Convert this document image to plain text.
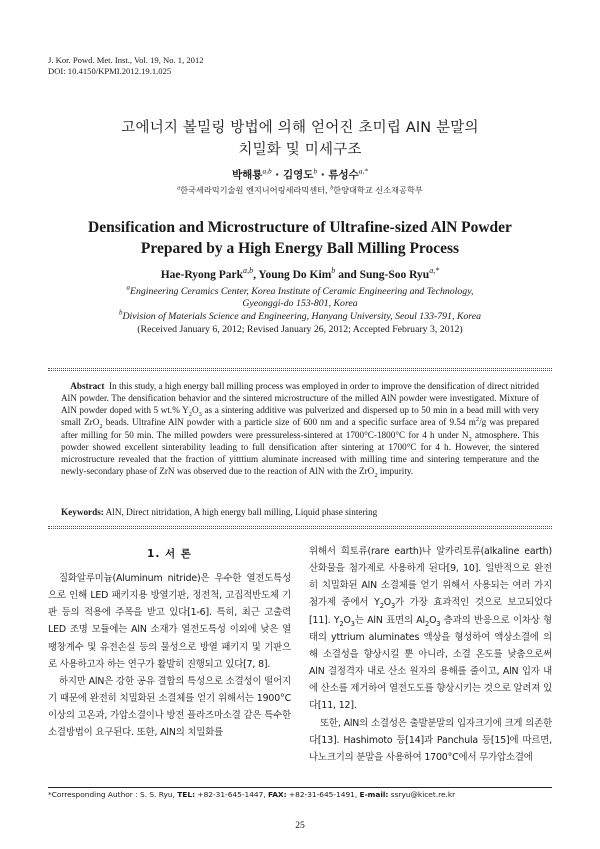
J. Kor. Powd. Met. Inst., Vol. 19, No. 1, 2012
DOI: 10.4150/KPMI.2012.19.1.025
고에너지 볼밀링 방법에 의해 얻어진 초미립 AlN 분말의
치밀화 및 미세구조
박해룡$^{a,b}$ · 김영도$^b$ · 류성수$^{a,*}$
$^a$한국세라믹기술원 엔지니어링세라믹센터, $^b$한양대학교 신소재공학부
Densification and Microstructure of Ultrafine-sized AlN Powder
Prepared by a High Energy Ball Milling Process
Hae-Ryong Park$^{a,b}$, Young Do Kim$^b$ and Sung-Soo Ryu$^{a,*}$
$^a$Engineering Ceramics Center, Korea Institute of Ceramic Engineering and Technology,
Gyeonggi-do 153-801, Korea
$^b$Division of Materials Science and Engineering, Hanyang University, Seoul 133-791, Korea
(Received January 6, 2012; Revised January 26, 2012; Accepted February 3, 2012)
Abstract In this study, a high energy ball milling process was employed in order to improve the densification of direct nitrided AlN powder. The densification behavior and the sintered microstructure of the milled AlN powder were investigated. Mixture of AlN powder doped with 5 wt.% $Y_2O_3$ as a sintering additive was pulverized and dispersed up to 50 min in a bead mill with very small ZrO$_2$ beads. Ultrafine AlN powder with a particle size of 600 nm and a specific surface area of 9.54 $m^2/g$ was prepared after milling for 50 min. The milled powders were pressureless-sintered at 1700°C-1800°C for 4 h under $N_2$ atmosphere. This powder showed excellent sinterability leading to full densification after sintering at 1700°C for 4 h. However, the sintered microstructure revealed that the fraction of yitttium aluminate increased with milling time and sintering temperature and the newly-secondary phase of ZrN was observed due to the reaction of AlN with the ZrO$_2$ impurity.
Keywords: AlN, Direct nitridation, A high energy ball milling, Liquid phase sintering
1. 서 론

질화알루미늄(Aluminum nitride)은 우수한 열전도특성으로 인해 LED 패키지용 방열기판, 정전척, 고집적반도체 기판 등의 적용에 주목을 받고 있다[1-6]. 특히, 최근 고출력 LED 조명 모듈에는 AlN 소재가 열전도특성 이외에 낮은 열팽창계수 및 유전손실 등의 물성으로 방열 패키지 및 기판으로 사용하고자 하는 연구가 활발히 진행되고 있다[7, 8].

하지만 AlN은 강한 공유 결합의 특성으로 소결성이 떨어지기 때문에 완전히 치밀화된 소결체를 얻기 위해서는 1900°C 이상의 고온과, 가압소결이나 방전 플라즈마소결 같은 특수한 소결방법이 요구된다. 또한, AlN의 치밀화를

위해서 희토류(rare earth)나 알카리토류(alkaline earth) 산화물을 첨가제로 사용하게 된다[9, 10]. 일반적으로 완전히 치밀화된 AlN 소결체를 얻기 위해서 사용되는 여러 가지 첨가제 중에서 $Y_2O_3$가 가장 효과적인 것으로 보고되었다[11]. $Y_2O_3$는 AlN 표면의 $Al_2O_3$ 층과의 반응으로 이차상 형태의 yttrium aluminates 액상을 형성하여 액상소결에 의해 소결성을 향상시킬 뿐 아니라, 소결 온도를 낮춤으로써 AlN 결정격자 내로 산소 원자의 용해를 줄이고, AlN 입자 내에 산소를 제거하여 열전도도를 향상시키는 것으로 알려져 있다[11, 12].

또한, AlN의 소결성은 출발분말의 입자크기에 크게 의존한다[13]. Hashimoto 등[14]과 Panchula 등[15]에 따르면, 나노크기의 분말을 사용하여 1700°C에서 무가압소결에

*Corresponding Author : S. S. Ryu, TEL: +82-31-645-1447, FAX: +82-31-645-1491, E-mail: ssryu@kicet.re.kr
25
